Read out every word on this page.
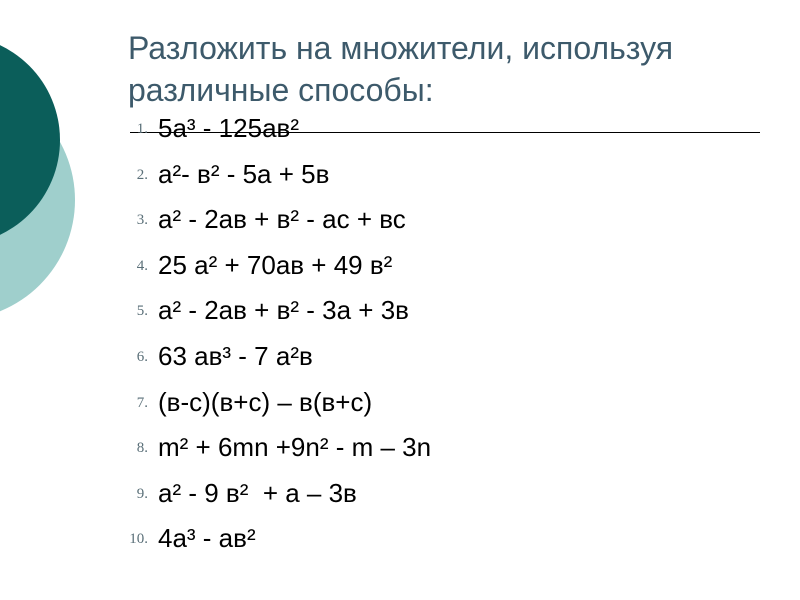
Разложить на множители, используя
различные способы:
1. 5а³ - 125ав²
2. а²- в² - 5а + 5в
3. а² - 2ав + в² - ас + вс
4. 25 а² + 70ав + 49 в²
5. а² - 2ав + в² - 3а + 3в
6. 63 ав³ - 7 а²в
7. (в-с)(в+с) – в(в+с)
8. m² + 6mn +9n² - m – 3n
9. а² - 9 в²  + а – 3в
10. 4а³ - ав²
